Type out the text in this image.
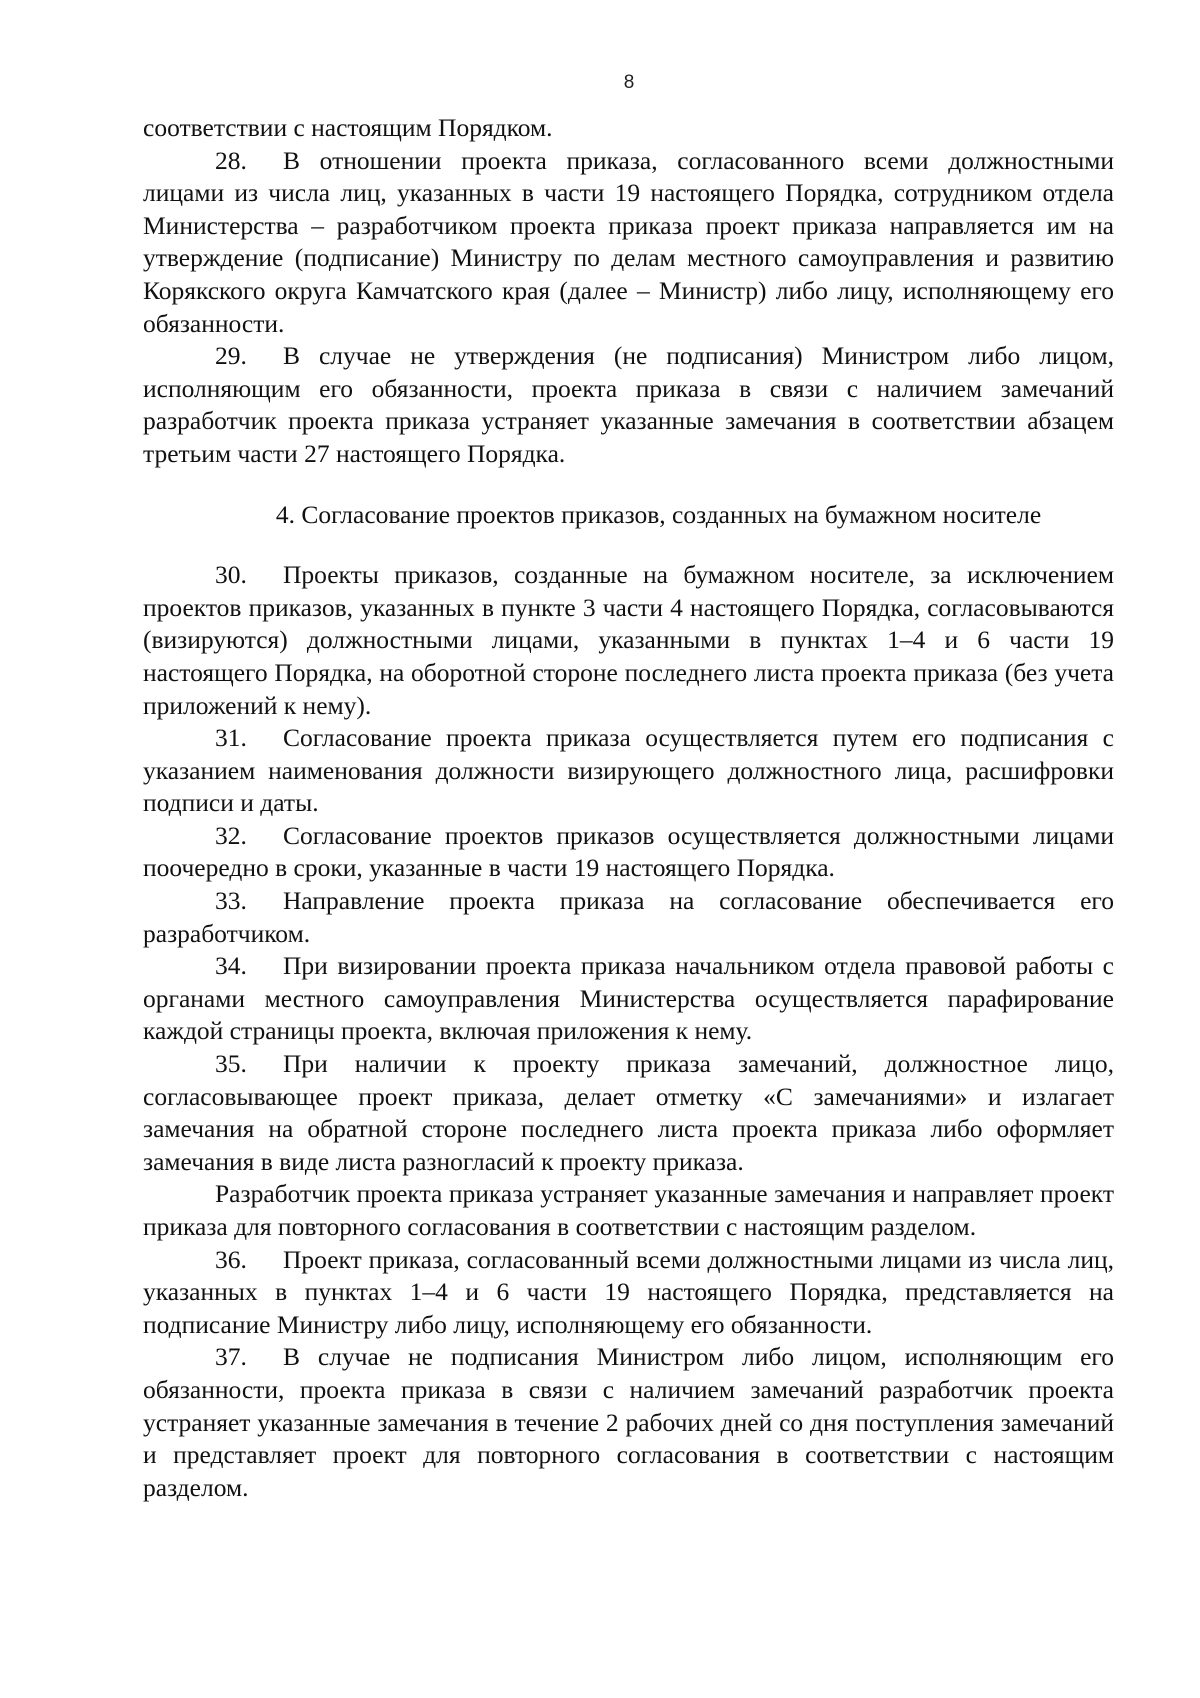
8

соответствии с настоящим Порядком.

28. В отношении проекта приказа, согласованного всеми должностными лицами из числа лиц, указанных в части 19 настоящего Порядка, сотрудником отдела Министерства – разработчиком проекта приказа проект приказа направляется им на утверждение (подписание) Министру по делам местного самоуправления и развитию Корякского округа Камчатского края (далее – Министр) либо лицу, исполняющему его обязанности.

29. В случае не утверждения (не подписания) Министром либо лицом, исполняющим его обязанности, проекта приказа в связи с наличием замечаний разработчик проекта приказа устраняет указанные замечания в соответствии абзацем третьим части 27 настоящего Порядка.

4. Согласование проектов приказов, созданных на бумажном носителе

30. Проекты приказов, созданные на бумажном носителе, за исключением проектов приказов, указанных в пункте 3 части 4 настоящего Порядка, согласовываются (визируются) должностными лицами, указанными в пунктах 1–4 и 6 части 19 настоящего Порядка, на оборотной стороне последнего листа проекта приказа (без учета приложений к нему).

31. Согласование проекта приказа осуществляется путем его подписания с указанием наименования должности визирующего должностного лица, расшифровки подписи и даты.

32. Согласование проектов приказов осуществляется должностными лицами поочередно в сроки, указанные в части 19 настоящего Порядка.

33. Направление проекта приказа на согласование обеспечивается его разработчиком.

34. При визировании проекта приказа начальником отдела правовой работы с органами местного самоуправления Министерства осуществляется парафирование каждой страницы проекта, включая приложения к нему.

35. При наличии к проекту приказа замечаний, должностное лицо, согласовывающее проект приказа, делает отметку «С замечаниями» и излагает замечания на обратной стороне последнего листа проекта приказа либо оформляет замечания в виде листа разногласий к проекту приказа.

Разработчик проекта приказа устраняет указанные замечания и направляет проект приказа для повторного согласования в соответствии с настоящим разделом.

36. Проект приказа, согласованный всеми должностными лицами из числа лиц, указанных в пунктах 1–4 и 6 части 19 настоящего Порядка, представляется на подписание Министру либо лицу, исполняющему его обязанности.

37. В случае не подписания Министром либо лицом, исполняющим его обязанности, проекта приказа в связи с наличием замечаний разработчик проекта устраняет указанные замечания в течение 2 рабочих дней со дня поступления замечаний и представляет проект для повторного согласования в соответствии с настоящим разделом.
